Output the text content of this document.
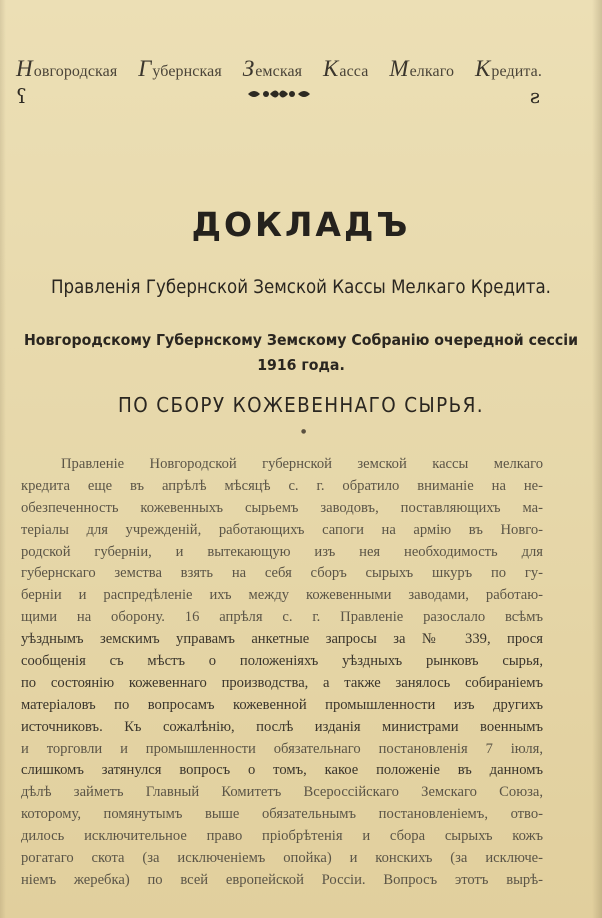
Новгородская Губернская Земская Касса Мелкаго Кредита.
ʕ	ƨ
ДОКЛАДЪ
Правленія Губернской Земской Кассы Мелкаго Кредита.
Новгородскому Губернскому Земскому Собранію очередной сессіи
1916 года.
ПО СБОРУ КОЖЕВЕННАГО СЫРЬЯ.
●
Правленіе Новгородской губернской земской кассы мелкаго
кредита еще въ апрѣлѣ мѣсяцѣ с. г. обратило вниманіе на не-
обезпеченность кожевенныхъ сырьемъ заводовъ, поставляющихъ ма-
теріалы для учрежденій, работающихъ сапоги на армію въ Новго-
родской губерніи, и вытекающую изъ нея необходимость для
губернскаго земства взять на себя сборъ сырыхъ шкуръ по гу-
берніи и распредѣленіе ихъ между кожевенными заводами, работаю-
щими на оборону. 16 апрѣля с. г. Правленіе разослало всѣмъ
уѣзднымъ земскимъ управамъ анкетные запросы за № 339, прося
сообщенія съ мѣстъ о положеніяхъ уѣздныхъ рынковъ сырья,
по состоянію кожевеннаго производства, а также занялось собираніемъ
матеріаловъ по вопросамъ кожевенной промышленности изъ другихъ
источниковъ. Къ сожалѣнію, послѣ изданія министрами военнымъ
и торговли и промышленности обязательнаго постановленія 7 іюля,
слишкомъ затянулся вопросъ о томъ, какое положеніе въ данномъ
дѣлѣ займетъ Главный Комитетъ Всероссійскаго Земскаго Союза,
которому, помянутымъ выше обязательнымъ постановленіемъ, отво-
дилось исключительное право пріобрѣтенія и сбора сырыхъ кожъ
рогатаго скота (за исключеніемъ опойка) и конскихъ (за исключе-
ніемъ жеребка) по всей европейской Россіи. Вопросъ этотъ вырѣ-
